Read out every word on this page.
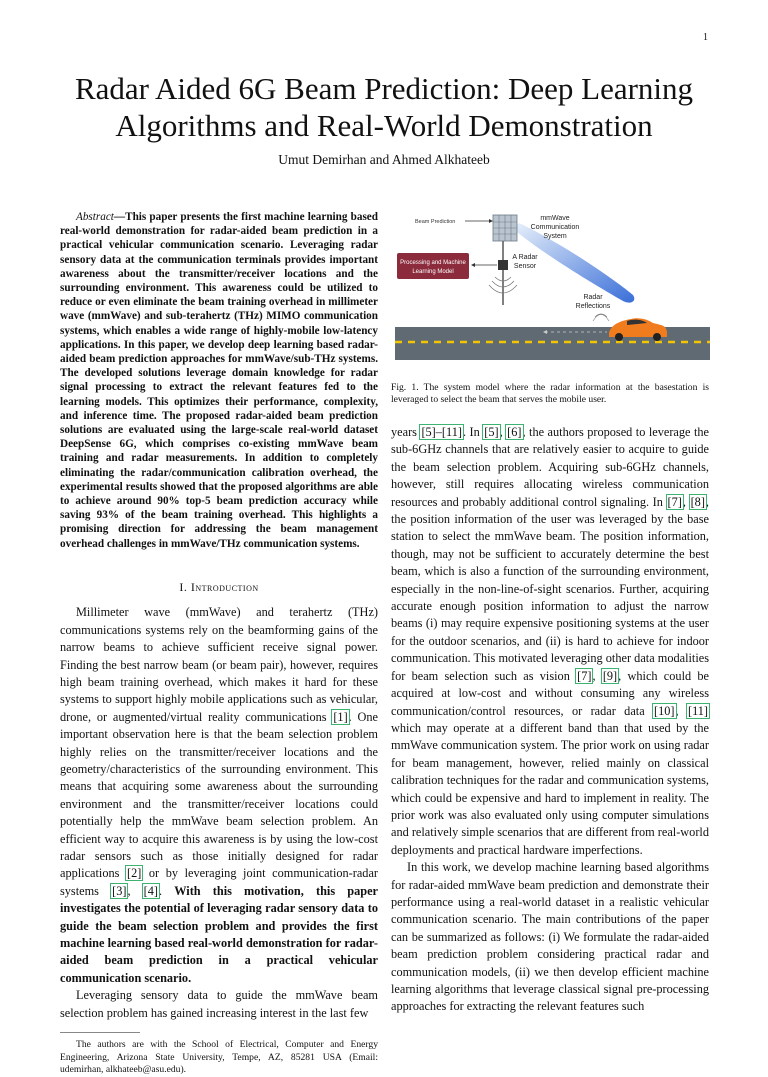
1
Radar Aided 6G Beam Prediction: Deep Learning Algorithms and Real-World Demonstration
Umut Demirhan and Ahmed Alkhateeb

Abstract—This paper presents the first machine learning based real-world demonstration for radar-aided beam prediction in a practical vehicular communication scenario. Leveraging radar sensory data at the communication terminals provides important awareness about the transmitter/receiver locations and the surrounding environment. This awareness could be utilized to reduce or even eliminate the beam training overhead in millimeter wave (mmWave) and sub-terahertz (THz) MIMO communication systems, which enables a wide range of highly-mobile low-latency applications. In this paper, we develop deep learning based radar-aided beam prediction approaches for mmWave/sub-THz systems. The developed solutions leverage domain knowledge for radar signal processing to extract the relevant features fed to the learning models. This optimizes their performance, complexity, and inference time. The proposed radar-aided beam prediction solutions are evaluated using the large-scale real-world dataset DeepSense 6G, which comprises co-existing mmWave beam training and radar measurements. In addition to completely eliminating the radar/communication calibration overhead, the experimental results showed that the proposed algorithms are able to achieve around 90% top-5 beam prediction accuracy while saving 93% of the beam training overhead. This highlights a promising direction for addressing the beam management overhead challenges in mmWave/THz communication systems.

I. Introduction

Millimeter wave (mmWave) and terahertz (THz) communications systems rely on the beamforming gains of the narrow beams to achieve sufficient receive signal power. Finding the best narrow beam (or beam pair), however, requires high beam training overhead, which makes it hard for these systems to support highly mobile applications such as vehicular, drone, or augmented/virtual reality communications [1]. One important observation here is that the beam selection problem highly relies on the transmitter/receiver locations and the geometry/characteristics of the surrounding environment. This means that acquiring some awareness about the surrounding environment and the transmitter/receiver locations could potentially help the mmWave beam selection problem. An efficient way to acquire this awareness is by using the low-cost radar sensors such as those initially designed for radar applications [2] or by leveraging joint communication-radar systems [3], [4]. With this motivation, this paper investigates the potential of leveraging radar sensory data to guide the beam selection problem and provides the first machine learning based real-world demonstration for radar-aided beam prediction in a practical vehicular communication scenario.

Leveraging sensory data to guide the mmWave beam selection problem has gained increasing interest in the last few

The authors are with the School of Electrical, Computer and Energy Engineering, Arizona State University, Tempe, AZ, 85281 USA (Email: udemirhan, alkhateeb@asu.edu).

Processing and Machine
Learning Model
Beam Prediction	mmWave
Communication
System
A Radar
Sensor
Radar
Reflections

Fig. 1. The system model where the radar information at the basestation is leveraged to select the beam that serves the mobile user.

years [5]–[11]. In [5], [6], the authors proposed to leverage the sub-6GHz channels that are relatively easier to acquire to guide the beam selection problem. Acquiring sub-6GHz channels, however, still requires allocating wireless communication resources and probably additional control signaling. In [7], [8], the position information of the user was leveraged by the base station to select the mmWave beam. The position information, though, may not be sufficient to accurately determine the best beam, which is also a function of the surrounding environment, especially in the non-line-of-sight scenarios. Further, acquiring accurate enough position information to adjust the narrow beams (i) may require expensive positioning systems at the user for the outdoor scenarios, and (ii) is hard to achieve for indoor communication. This motivated leveraging other data modalities for beam selection such as vision [7], [9], which could be acquired at low-cost and without consuming any wireless communication/control resources, or radar data [10], [11] which may operate at a different band than that used by the mmWave communication system. The prior work on using radar for beam management, however, relied mainly on classical calibration techniques for the radar and communication systems, which could be expensive and hard to implement in reality. The prior work was also evaluated only using computer simulations and relatively simple scenarios that are different from real-world deployments and practical hardware imperfections.

In this work, we develop machine learning based algorithms for radar-aided mmWave beam prediction and demonstrate their performance using a real-world dataset in a realistic vehicular communication scenario. The main contributions of the paper can be summarized as follows: (i) We formulate the radar-aided beam prediction problem considering practical radar and communication models, (ii) we then develop efficient machine learning algorithms that leverage classical signal pre-processing approaches for extracting the relevant features such
